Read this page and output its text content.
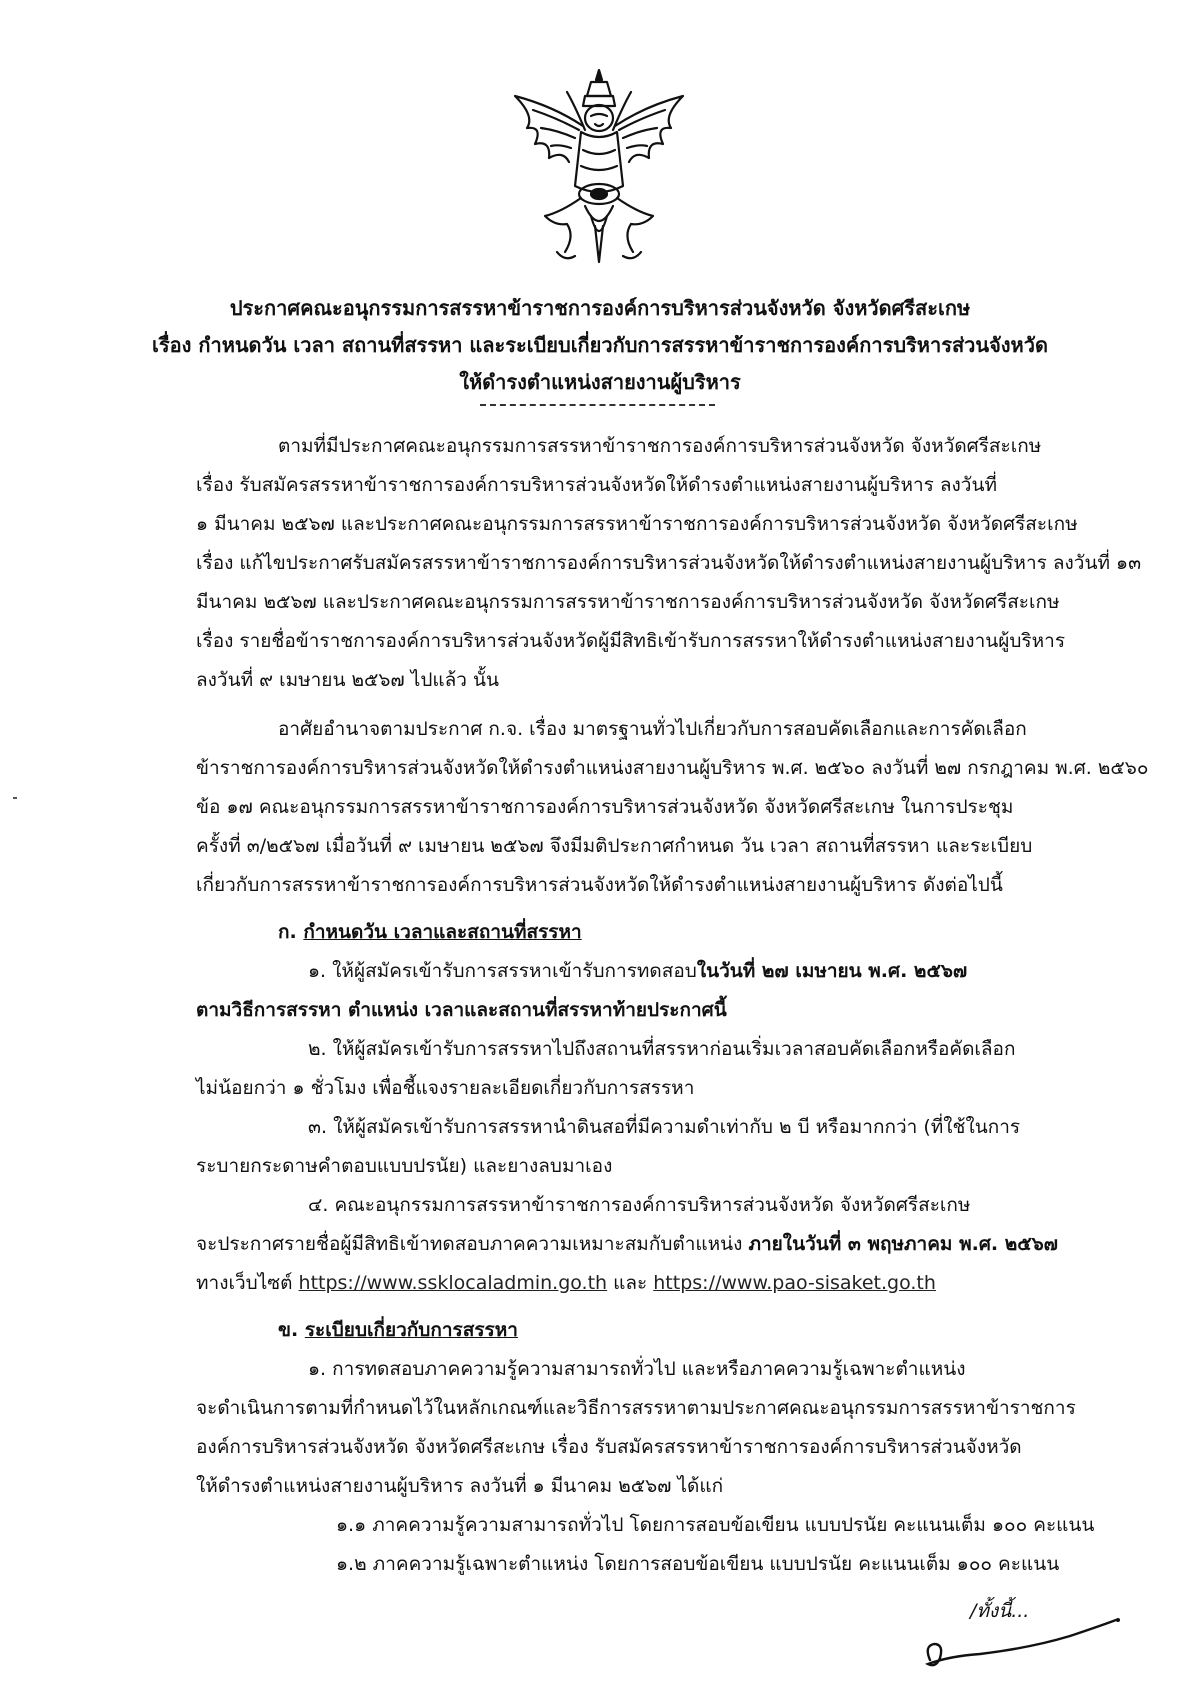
ประกาศคณะอนุกรรมการสรรหาข้าราชการองค์การบริหารส่วนจังหวัด จังหวัดศรีสะเกษ
เรื่อง กำหนดวัน เวลา สถานที่สรรหา และระเบียบเกี่ยวกับการสรรหาข้าราชการองค์การบริหารส่วนจังหวัด
ให้ดำรงตำแหน่งสายงานผู้บริหาร
ตามที่มีประกาศคณะอนุกรรมการสรรหาข้าราชการองค์การบริหารส่วนจังหวัด จังหวัดศรีสะเกษ
เรื่อง รับสมัครสรรหาข้าราชการองค์การบริหารส่วนจังหวัดให้ดำรงตำแหน่งสายงานผู้บริหาร ลงวันที่
๑ มีนาคม ๒๕๖๗ และประกาศคณะอนุกรรมการสรรหาข้าราชการองค์การบริหารส่วนจังหวัด จังหวัดศรีสะเกษ
เรื่อง แก้ไขประกาศรับสมัครสรรหาข้าราชการองค์การบริหารส่วนจังหวัดให้ดำรงตำแหน่งสายงานผู้บริหาร ลงวันที่ ๑๓
มีนาคม ๒๕๖๗ และประกาศคณะอนุกรรมการสรรหาข้าราชการองค์การบริหารส่วนจังหวัด จังหวัดศรีสะเกษ
เรื่อง รายชื่อข้าราชการองค์การบริหารส่วนจังหวัดผู้มีสิทธิเข้ารับการสรรหาให้ดำรงตำแหน่งสายงานผู้บริหาร
ลงวันที่ ๙ เมษายน ๒๕๖๗ ไปแล้ว นั้น
อาศัยอำนาจตามประกาศ ก.จ. เรื่อง มาตรฐานทั่วไปเกี่ยวกับการสอบคัดเลือกและการคัดเลือก
ข้าราชการองค์การบริหารส่วนจังหวัดให้ดำรงตำแหน่งสายงานผู้บริหาร พ.ศ. ๒๕๖๐ ลงวันที่ ๒๗ กรกฎาคม พ.ศ. ๒๕๖๐
ข้อ ๑๗ คณะอนุกรรมการสรรหาข้าราชการองค์การบริหารส่วนจังหวัด จังหวัดศรีสะเกษ ในการประชุม
ครั้งที่ ๓/๒๕๖๗ เมื่อวันที่ ๙ เมษายน ๒๕๖๗ จึงมีมติประกาศกำหนด วัน เวลา สถานที่สรรหา และระเบียบ
เกี่ยวกับการสรรหาข้าราชการองค์การบริหารส่วนจังหวัดให้ดำรงตำแหน่งสายงานผู้บริหาร ดังต่อไปนี้
ก. กำหนดวัน เวลาและสถานที่สรรหา
๑. ให้ผู้สมัครเข้ารับการสรรหาเข้ารับการทดสอบในวันที่ ๒๗ เมษายน พ.ศ. ๒๕๖๗
ตามวิธีการสรรหา ตำแหน่ง เวลาและสถานที่สรรหาท้ายประกาศนี้
๒. ให้ผู้สมัครเข้ารับการสรรหาไปถึงสถานที่สรรหาก่อนเริ่มเวลาสอบคัดเลือกหรือคัดเลือก
ไม่น้อยกว่า ๑ ชั่วโมง เพื่อชี้แจงรายละเอียดเกี่ยวกับการสรรหา
๓. ให้ผู้สมัครเข้ารับการสรรหานำดินสอที่มีความดำเท่ากับ ๒ บี หรือมากกว่า (ที่ใช้ในการ
ระบายกระดาษคำตอบแบบปรนัย) และยางลบมาเอง
๔. คณะอนุกรรมการสรรหาข้าราชการองค์การบริหารส่วนจังหวัด จังหวัดศรีสะเกษ
จะประกาศรายชื่อผู้มีสิทธิเข้าทดสอบภาคความเหมาะสมกับตำแหน่ง ภายในวันที่ ๓ พฤษภาคม พ.ศ. ๒๕๖๗
ทางเว็บไซต์ https://www.ssklocaladmin.go.th และ https://www.pao-sisaket.go.th
ข. ระเบียบเกี่ยวกับการสรรหา
๑. การทดสอบภาคความรู้ความสามารถทั่วไป และหรือภาคความรู้เฉพาะตำแหน่ง
จะดำเนินการตามที่กำหนดไว้ในหลักเกณฑ์และวิธีการสรรหาตามประกาศคณะอนุกรรมการสรรหาข้าราชการ
องค์การบริหารส่วนจังหวัด จังหวัดศรีสะเกษ เรื่อง รับสมัครสรรหาข้าราชการองค์การบริหารส่วนจังหวัด
ให้ดำรงตำแหน่งสายงานผู้บริหาร ลงวันที่ ๑ มีนาคม ๒๕๖๗ ได้แก่
๑.๑ ภาคความรู้ความสามารถทั่วไป โดยการสอบข้อเขียน แบบปรนัย คะแนนเต็ม ๑๐๐ คะแนน
๑.๒ ภาคความรู้เฉพาะตำแหน่ง โดยการสอบข้อเขียน แบบปรนัย คะแนนเต็ม ๑๐๐ คะแนน
/ทั้งนี้...
